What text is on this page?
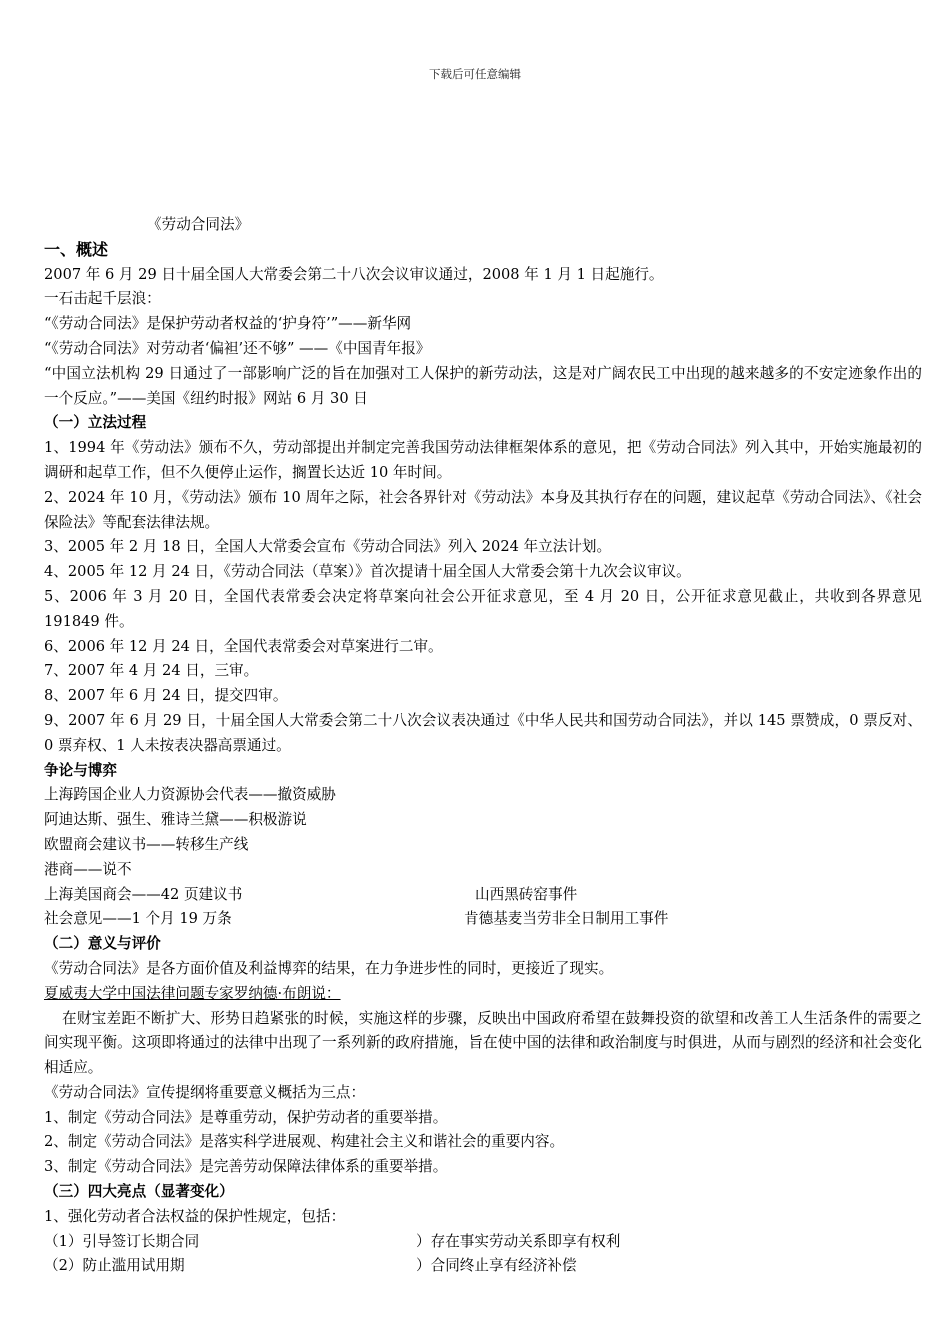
下载后可任意编辑
《劳动合同法》
一、概述
2007 年 6 月 29 日十届全国人大常委会第二十八次会议审议通过，2008 年 1 月 1 日起施行。
一石击起千层浪：
“《劳动合同法》是保护劳动者权益的‘护身符’”——新华网
“《劳动合同法》对劳动者‘偏袒’还不够” ——《中国青年报》
“中国立法机构 29 日通过了一部影响广泛的旨在加强对工人保护的新劳动法，这是对广阔农民工中出现的越来越多的不安定迹象作出的一个反应。”——美国《纽约时报》网站 6 月 30 日
（一）立法过程
1、1994 年《劳动法》颁布不久，劳动部提出并制定完善我国劳动法律框架体系的意见，把《劳动合同法》列入其中，开始实施最初的调研和起草工作，但不久便停止运作，搁置长达近 10 年时间。
2、2024 年 10 月，《劳动法》颁布 10 周年之际，社会各界针对《劳动法》本身及其执行存在的问题，建议起草《劳动合同法》、《社会保险法》等配套法律法规。
3、2005 年 2 月 18 日，全国人大常委会宣布《劳动合同法》列入 2024 年立法计划。
4、2005 年 12 月 24 日，《劳动合同法（草案）》首次提请十届全国人大常委会第十九次会议审议。
5、2006 年 3 月 20 日，全国代表常委会决定将草案向社会公开征求意见，至 4 月 20 日，公开征求意见截止，共收到各界意见 191849 件。
6、2006 年 12 月 24 日，全国代表常委会对草案进行二审。
7、2007 年 4 月 24 日，三审。
8、2007 年 6 月 24 日，提交四审。
9、2007 年 6 月 29 日，十届全国人大常委会第二十八次会议表决通过《中华人民共和国劳动合同法》，并以 145 票赞成，0 票反对、0 票弃权、1 人未按表决器高票通过。
争论与博弈
上海跨国企业人力资源协会代表——撤资威胁
阿迪达斯、强生、雅诗兰黛——积极游说
欧盟商会建议书——转移生产线
港商——说不
上海美国商会——42 页建议书	山西黑砖窑事件
社会意见——1 个月 19 万条	肯德基麦当劳非全日制用工事件
（二）意义与评价
《劳动合同法》是各方面价值及利益博弈的结果，在力争进步性的同时，更接近了现实。
夏威夷大学中国法律问题专家罗纳德·布朗说：
在财宝差距不断扩大、形势日趋紧张的时候，实施这样的步骤，反映出中国政府希望在鼓舞投资的欲望和改善工人生活条件的需要之间实现平衡。这项即将通过的法律中出现了一系列新的政府措施，旨在使中国的法律和政治制度与时俱进，从而与剧烈的经济和社会变化相适应。
《劳动合同法》宣传提纲将重要意义概括为三点：
1、制定《劳动合同法》是尊重劳动，保护劳动者的重要举措。
2、制定《劳动合同法》是落实科学进展观、构建社会主义和谐社会的重要内容。
3、制定《劳动合同法》是完善劳动保障法律体系的重要举措。
（三）四大亮点（显著变化）
1、强化劳动者合法权益的保护性规定，包括：
（1）引导签订长期合同	）存在事实劳动关系即享有权利
（2）防止滥用试用期	）合同终止享有经济补偿
